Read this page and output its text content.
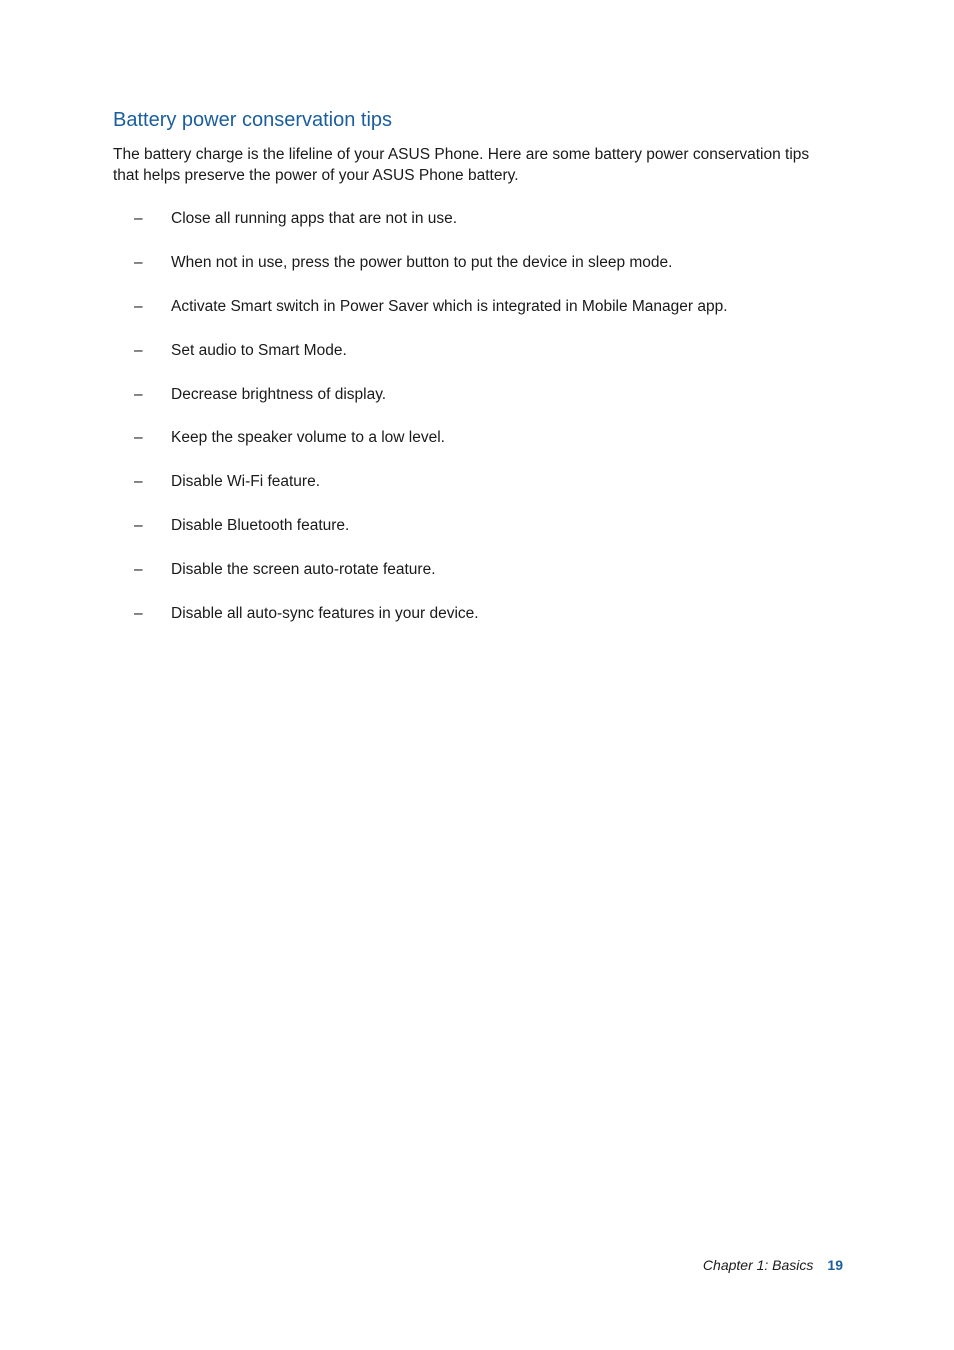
Battery power conservation tips

The battery charge is the lifeline of your ASUS Phone. Here are some battery power conservation tips that helps preserve the power of your ASUS Phone battery.

– Close all running apps that are not in use.
– When not in use, press the power button to put the device in sleep mode.
– Activate Smart switch in Power Saver which is integrated in Mobile Manager app.
– Set audio to Smart Mode.
– Decrease brightness of display.
– Keep the speaker volume to a low level.
– Disable Wi-Fi feature.
– Disable Bluetooth feature.
– Disable the screen auto-rotate feature.
– Disable all auto-sync features in your device.
Chapter 1: Basics 19
